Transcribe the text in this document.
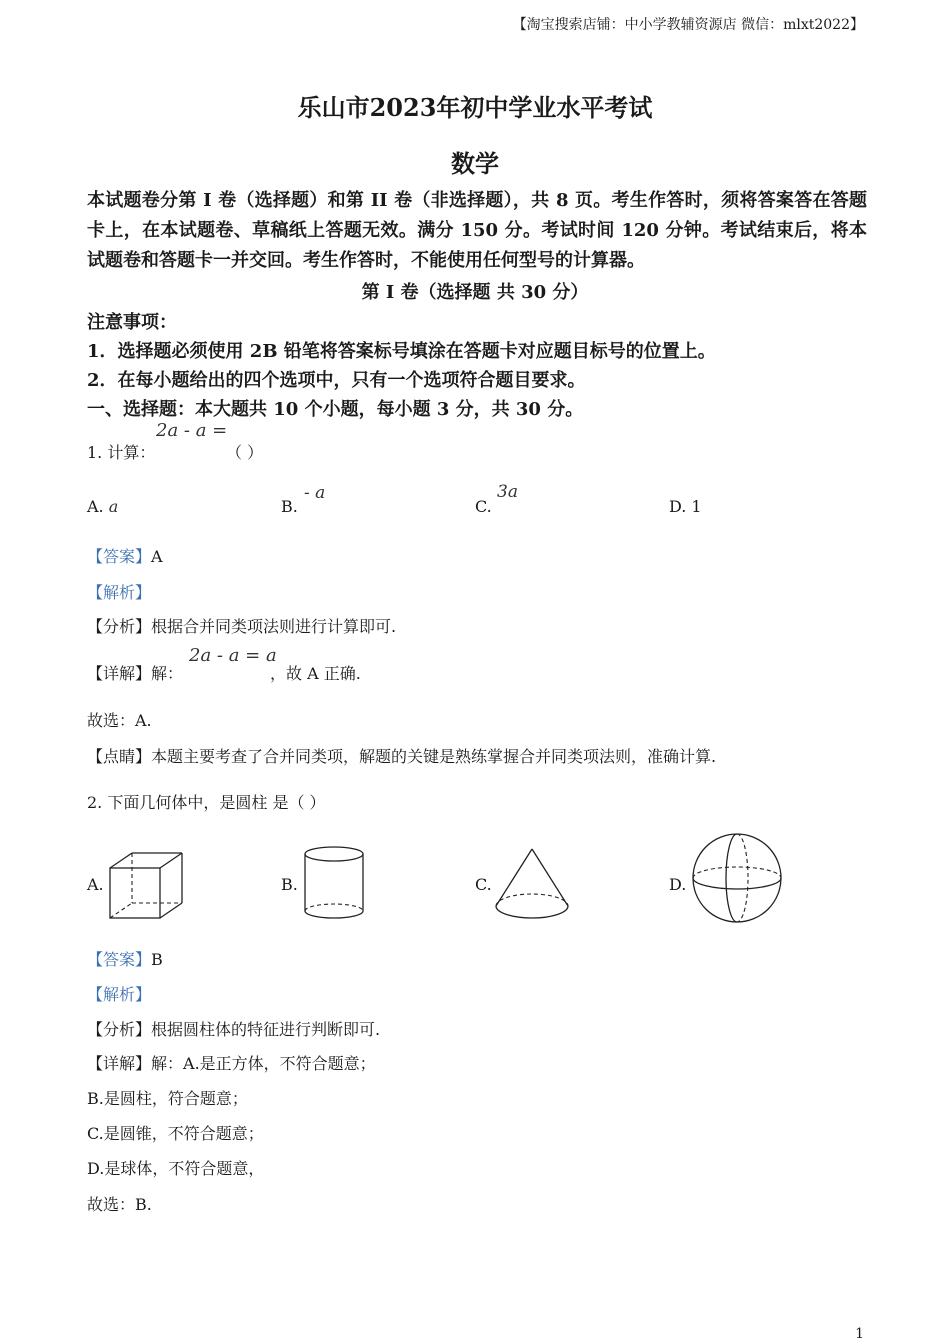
【淘宝搜索店铺：中小学教辅资源店 微信：mlxt2022】
乐山市2023年初中学业水平考试
数学
本试题卷分第 I 卷（选择题）和第 II 卷（非选择题），共 8 页。考生作答时，须将答案答在答题卡上，在本试题卷、草稿纸上答题无效。满分 150 分。考试时间 120 分钟。考试结束后，将本试题卷和答题卡一并交回。考生作答时，不能使用任何型号的计算器。
第 I 卷（选择题 共 30 分）
注意事项：
1．选择题必须使用 2B 铅笔将答案标号填涂在答题卡对应题目标号的位置上。
2．在每小题给出的四个选项中，只有一个选项符合题目要求。
一、选择题：本大题共 10 个小题，每小题 3 分，共 30 分。
1. 计算：
2a - a =
（ ）
A. a	B.
- a
C.
3a
D. 1
【答案】A
【解析】
【分析】根据合并同类项法则进行计算即可.
【详解】解：
2a - a = a
，故 A 正确.
故选：A.
【点睛】本题主要考查了合并同类项，解题的关键是熟练掌握合并同类项法则，准确计算.
2. 下面几何体中，是圆柱 是（ ）
A.	B.	C.	D.
【答案】B
【解析】
【分析】根据圆柱体的特征进行判断即可.
【详解】解：A.是正方体，不符合题意；
B.是圆柱，符合题意；
C.是圆锥，不符合题意；
D.是球体，不符合题意，
故选：B.
1
